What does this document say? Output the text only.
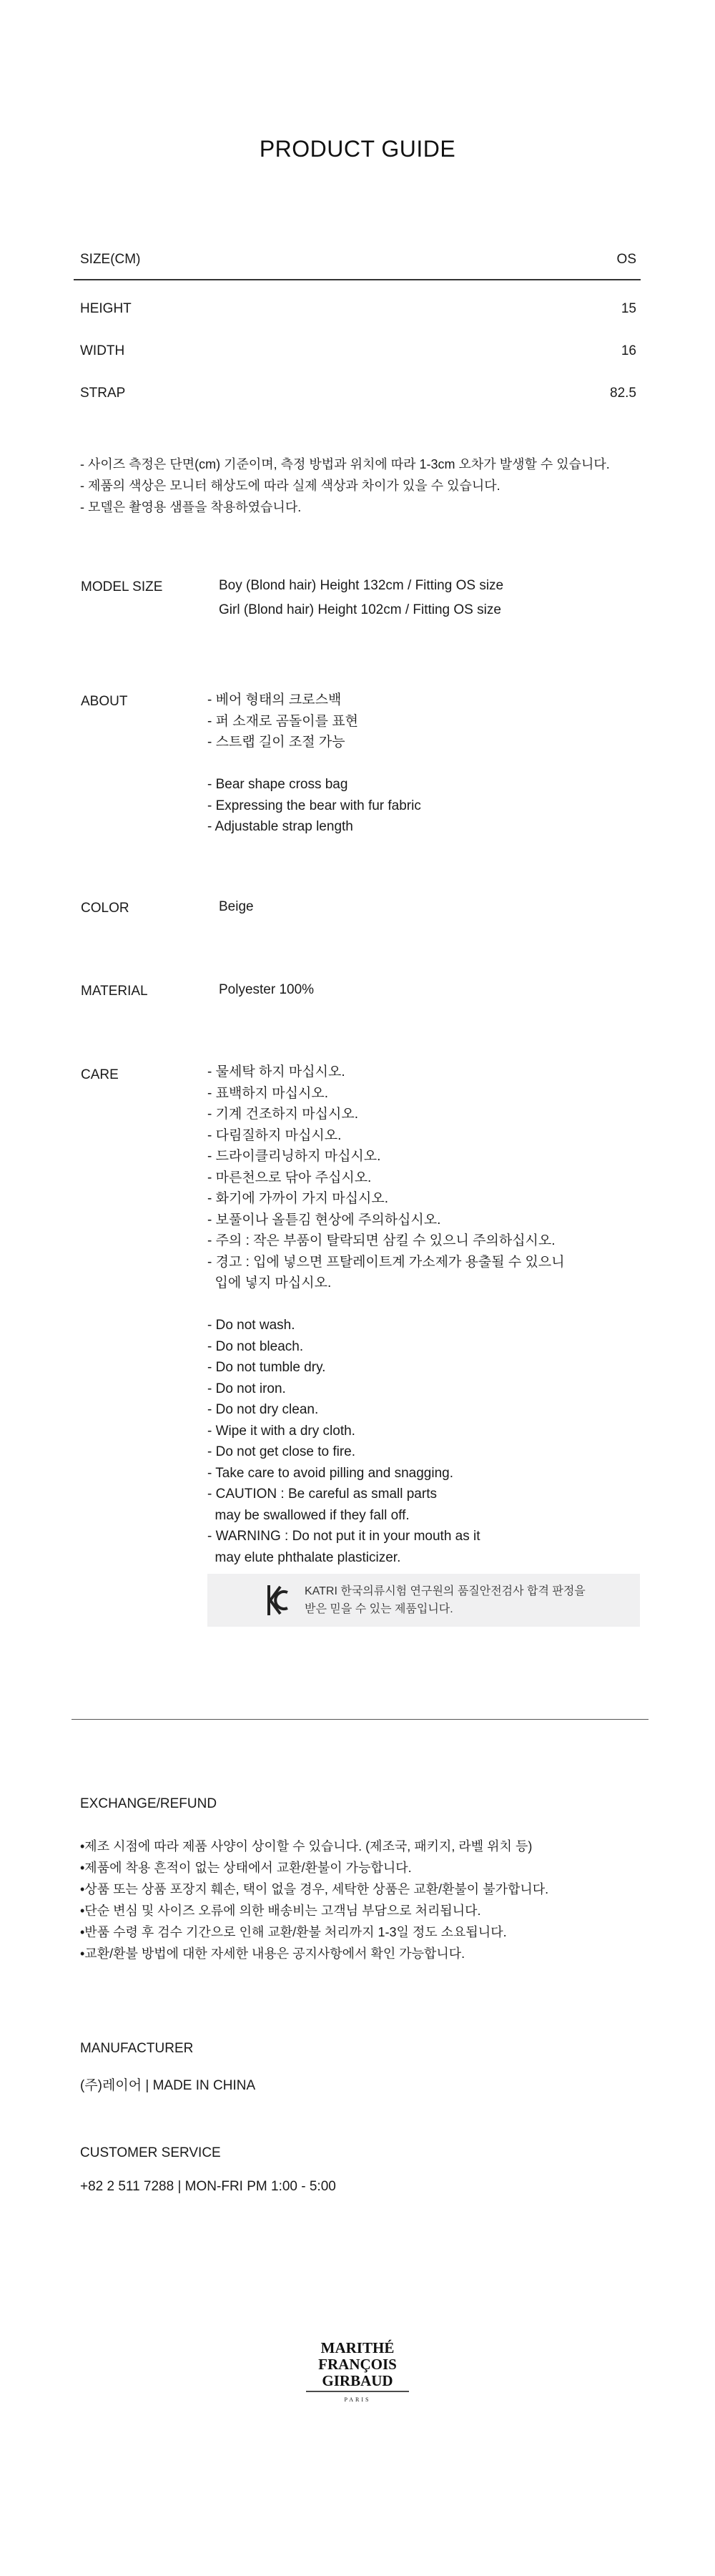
PRODUCT GUIDE
SIZE(CM)	OS
HEIGHT	15
WIDTH	16
STRAP	82.5
- 사이즈 측정은 단면(cm) 기준이며, 측정 방법과 위치에 따라 1-3cm 오차가 발생할 수 있습니다.
- 제품의 색상은 모니터 해상도에 따라 실제 색상과 차이가 있을 수 있습니다.
- 모델은 촬영용 샘플을 착용하였습니다.
MODEL SIZE	Boy (Blond hair) Height 132cm / Fitting OS size
Girl (Blond hair) Height 102cm / Fitting OS size
ABOUT	- 베어 형태의 크로스백
- 퍼 소재로 곰돌이를 표현
- 스트랩 길이 조절 가능
- Bear shape cross bag
- Expressing the bear with fur fabric
- Adjustable strap length
COLOR	Beige
MATERIAL	Polyester 100%
CARE	- 물세탁 하지 마십시오.
- 표백하지 마십시오.
- 기계 건조하지 마십시오.
- 다림질하지 마십시오.
- 드라이클리닝하지 마십시오.
- 마른천으로 닦아 주십시오.
- 화기에 가까이 가지 마십시오.
- 보풀이나 올튿김 현상에 주의하십시오.
- 주의 : 작은 부품이 탈락되면 삼킬 수 있으니 주의하십시오.
- 경고 : 입에 넣으면 프탈레이트계 가소제가 용출될 수 있으니
입에 넣지 마십시오.
- Do not wash.
- Do not bleach.
- Do not tumble dry.
- Do not iron.
- Do not dry clean.
- Wipe it with a dry cloth.
- Do not get close to fire.
- Take care to avoid pilling and snagging.
- CAUTION : Be careful as small parts
may be swallowed if they fall off.
- WARNING : Do not put it in your mouth as it
may elute phthalate plasticizer.
KATRI 한국의류시험 연구원의 품질안전검사 합격 판정을
받은 믿을 수 있는 제품입니다.
EXCHANGE/REFUND
•제조 시점에 따라 제품 사양이 상이할 수 있습니다. (제조국, 패키지, 라벨 위치 등)
•제품에 착용 흔적이 없는 상태에서 교환/환불이 가능합니다.
•상품 또는 상품 포장지 훼손, 택이 없을 경우, 세탁한 상품은 교환/환불이 불가합니다.
•단순 변심 및 사이즈 오류에 의한 배송비는 고객님 부담으로 처리됩니다.
•반품 수령 후 검수 기간으로 인해 교환/환불 처리까지 1-3일 정도 소요됩니다.
•교환/환불 방법에 대한 자세한 내용은 공지사항에서 확인 가능합니다.
MANUFACTURER
(주)레이어 | MADE IN CHINA
CUSTOMER SERVICE
+82 2 511 7288 | MON-FRI PM 1:00 - 5:00
MARITHÉ
FRANÇOIS
GIRBAUD
PARIS
